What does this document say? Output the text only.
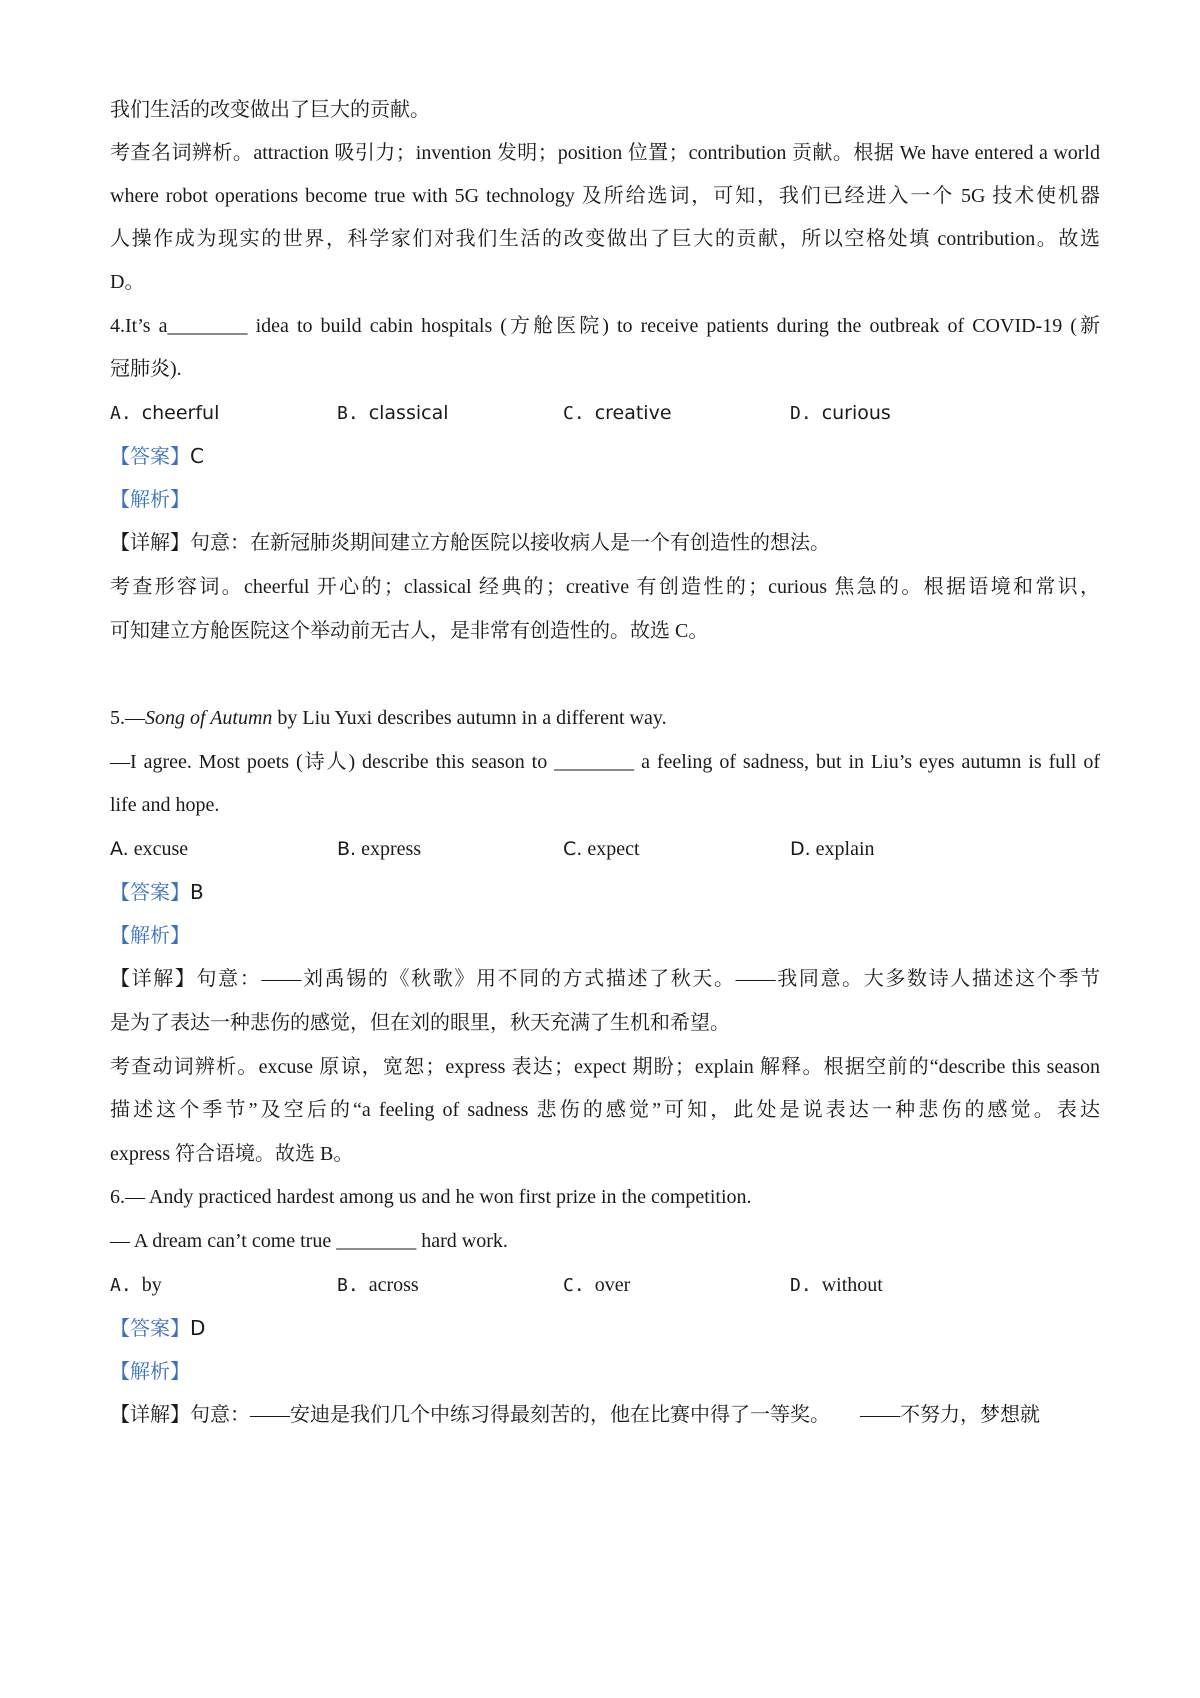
我们生活的改变做出了巨大的贡献。

考查名词辨析。attraction 吸引力；invention 发明；position 位置；contribution 贡献。根据 We have entered a world

where robot operations become true with 5G technology 及所给选词，可知，我们已经进入一个 5G 技术使机器

人操作成为现实的世界，科学家们对我们生活的改变做出了巨大的贡献，所以空格处填 contribution。故选

D。

4.It’s a________ idea to build cabin hospitals (方舱医院) to receive patients during the outbreak of COVID-19 (新

冠肺炎).

A. cheerful	B. classical	C. creative	D. curious

【答案】C

【解析】

【详解】句意：在新冠肺炎期间建立方舱医院以接收病人是一个有创造性的想法。

考查形容词。cheerful 开心的；classical 经典的；creative 有创造性的；curious 焦急的。根据语境和常识，

可知建立方舱医院这个举动前无古人，是非常有创造性的。故选 C。

5.—Song of Autumn by Liu Yuxi describes autumn in a different way.

—I agree. Most poets (诗人) describe this season to ________ a feeling of sadness, but in Liu’s eyes autumn is full of

life and hope.

A. excuse	B. express	C. expect	D. explain

【答案】B

【解析】

【详解】句意：——刘禹锡的《秋歌》用不同的方式描述了秋天。——我同意。大多数诗人描述这个季节

是为了表达一种悲伤的感觉，但在刘的眼里，秋天充满了生机和希望。

考查动词辨析。excuse 原谅，宽恕；express 表达；expect 期盼；explain 解释。根据空前的“describe this season

描述这个季节”及空后的“a feeling of sadness 悲伤的感觉”可知，此处是说表达一种悲伤的感觉。表达

express 符合语境。故选 B。

6.— Andy practiced hardest among us and he won first prize in the competition.

— A dream can’t come true ________ hard work.

A. by	B. across	C. over	D. without

【答案】D

【解析】

【详解】句意：——安迪是我们几个中练习得最刻苦的，他在比赛中得了一等奖。　　——不努力，梦想就
